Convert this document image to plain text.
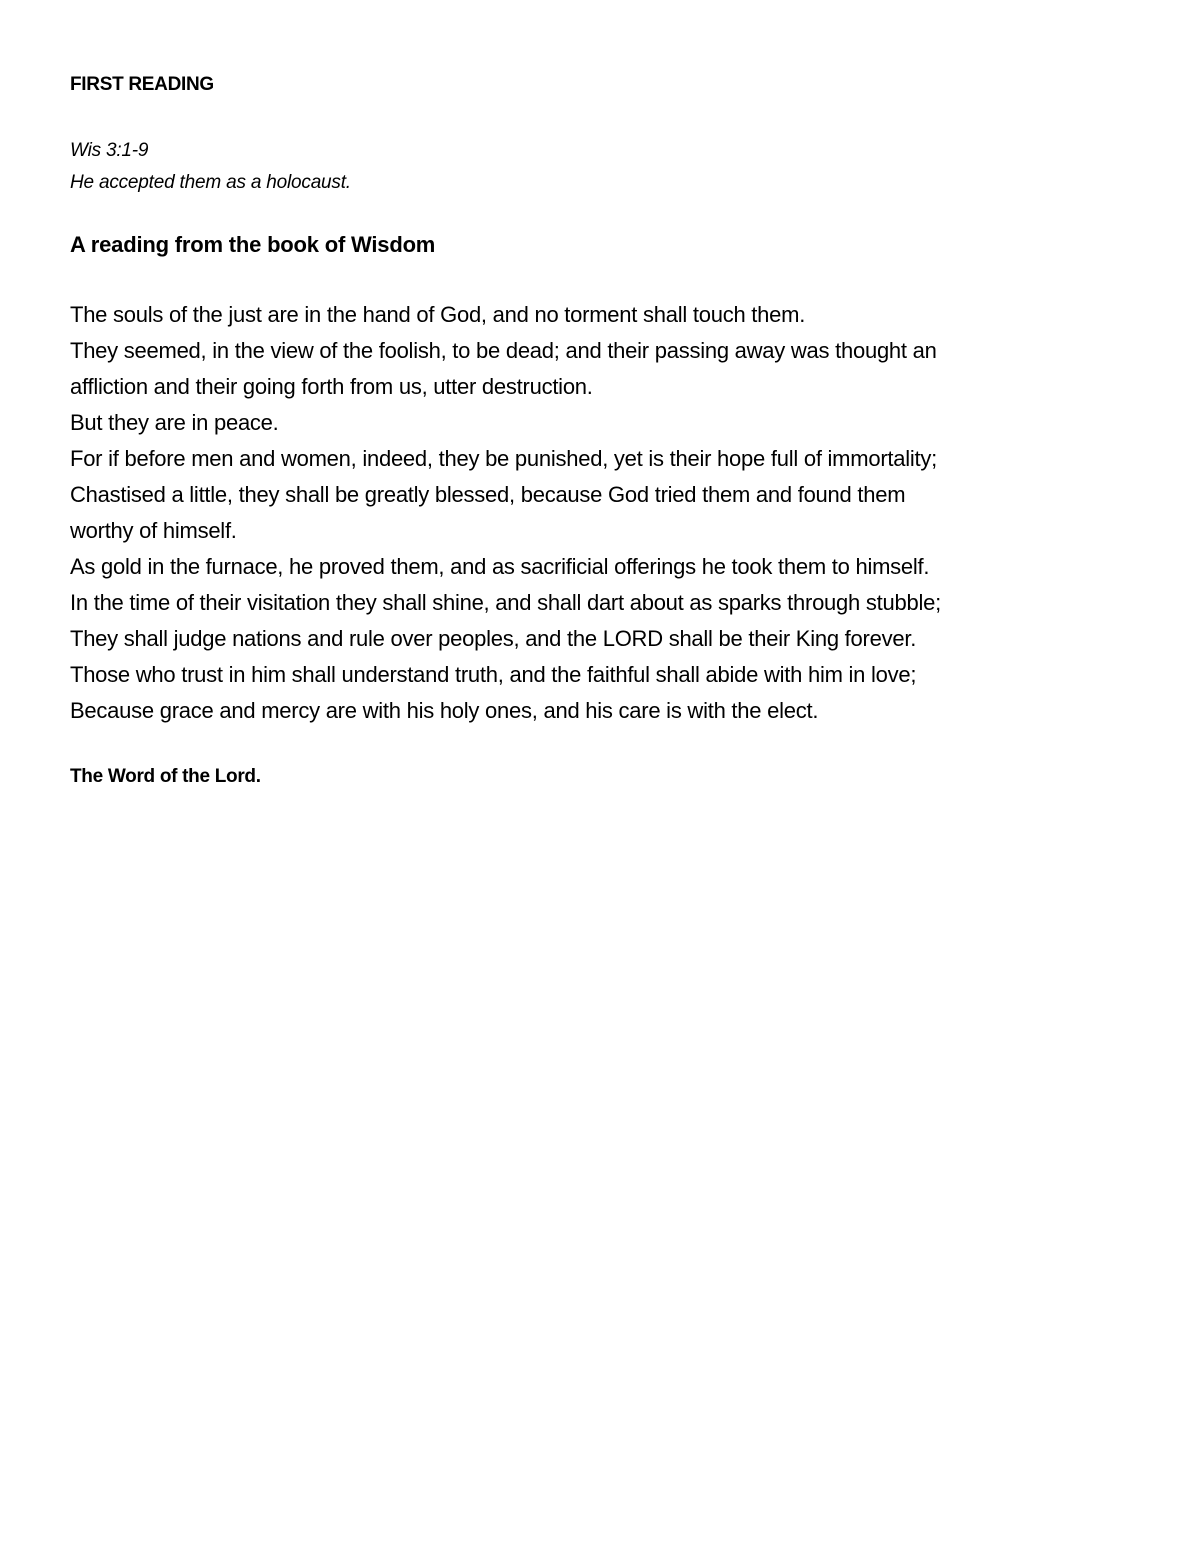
FIRST READING
Wis 3:1-9
He accepted them as a holocaust.
A reading from the book of Wisdom
The souls of the just are in the hand of God, and no torment shall touch them.
They seemed, in the view of the foolish, to be dead; and their passing away was thought an
affliction and their going forth from us, utter destruction.
But they are in peace.
For if before men and women, indeed, they be punished, yet is their hope full of immortality;
Chastised a little, they shall be greatly blessed, because God tried them and found them
worthy of himself.
As gold in the furnace, he proved them, and as sacrificial offerings he took them to himself.
In the time of their visitation they shall shine, and shall dart about as sparks through stubble;
They shall judge nations and rule over peoples, and the LORD shall be their King forever.
Those who trust in him shall understand truth, and the faithful shall abide with him in love;
Because grace and mercy are with his holy ones, and his care is with the elect.
The Word of the Lord.
